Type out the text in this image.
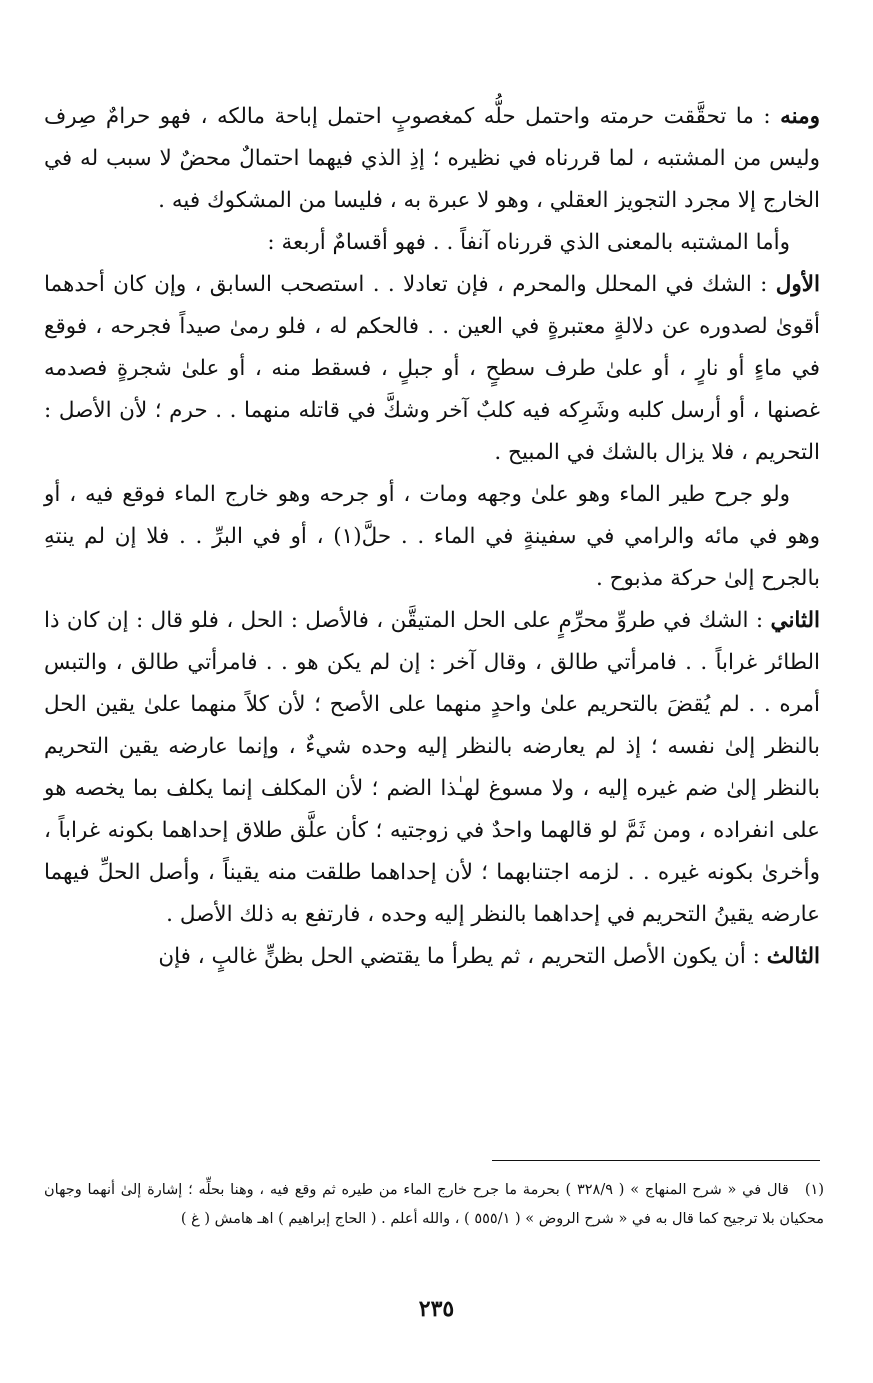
ومنه : ما تحقَّقت حرمته واحتمل حلُّه كمغصوبٍ احتمل إباحة مالكه ، فهو حرامٌ صِرف وليس من المشتبه ، لما قررناه في نظيره ؛ إذِ الذي فيهما احتمالٌ محضٌ لا سبب له في الخارج إلا مجرد التجويز العقلي ، وهو لا عبرة به ، فليسا من المشكوك فيه .

وأما المشتبه بالمعنى الذي قررناه آنفاً . . فهو أقسامٌ أربعة :

الأول : الشك في المحلل والمحرم ، فإن تعادلا . . استصحب السابق ، وإن كان أحدهما أقوىٰ لصدوره عن دلالةٍ معتبرةٍ في العين . . فالحكم له ، فلو رمىٰ صيداً فجرحه ، فوقع في ماءٍ أو نارٍ ، أو علىٰ طرف سطحٍ ، أو جبلٍ ، فسقط منه ، أو علىٰ شجرةٍ فصدمه غصنها ، أو أرسل كلبه وشَرِكه فيه كلبٌ آخر وشكَّ في قاتله منهما . . حرم ؛ لأن الأصل : التحريم ، فلا يزال بالشك في المبيح .

ولو جرح طير الماء وهو علىٰ وجهه ومات ، أو جرحه وهو خارج الماء فوقع فيه ، أو وهو في مائه والرامي في سفينةٍ في الماء . . حلَّ(١) ، أو في البرِّ . . فلا إن لم ينتهِ بالجرح إلىٰ حركة مذبوح .

الثاني : الشك في طروِّ محرِّمٍ على الحل المتيقَّن ، فالأصل : الحل ، فلو قال : إن كان ذا الطائر غراباً . . فامرأتي طالق ، وقال آخر : إن لم يكن هو . . فامرأتي طالق ، والتبس أمره . . لم يُقضَ بالتحريم علىٰ واحدٍ منهما على الأصح ؛ لأن كلاً منهما علىٰ يقين الحل بالنظر إلىٰ نفسه ؛ إذ لم يعارضه بالنظر إليه وحده شيءٌ ، وإنما عارضه يقين التحريم بالنظر إلىٰ ضم غيره إليه ، ولا مسوغ لهـٰذا الضم ؛ لأن المكلف إنما يكلف بما يخصه هو على انفراده ، ومن ثَمَّ لو قالهما واحدٌ في زوجتيه ؛ كأن علَّق طلاق إحداهما بكونه غراباً ، وأخرىٰ بكونه غيره . . لزمه اجتنابهما ؛ لأن إحداهما طلقت منه يقيناً ، وأصل الحلِّ فيهما عارضه يقينُ التحريم في إحداهما بالنظر إليه وحده ، فارتفع به ذلك الأصل .

الثالث : أن يكون الأصل التحريم ، ثم يطرأ ما يقتضي الحل بظنٍّ غالبٍ ، فإن

(١)قال في « شرح المنهاج » ( ٣٢٨/٩ ) بحرمة ما جرح خارج الماء من طيره ثم وقع فيه ، وهنا بحلِّه ؛ إشارة إلىٰ أنهما وجهان محكيان بلا ترجيح كما قال به في « شرح الروض » ( ٥٥٥/١ ) ، والله أعلم . ( الحاج إبراهيم ) اهـ هامش ( غ )
٢٣٥
